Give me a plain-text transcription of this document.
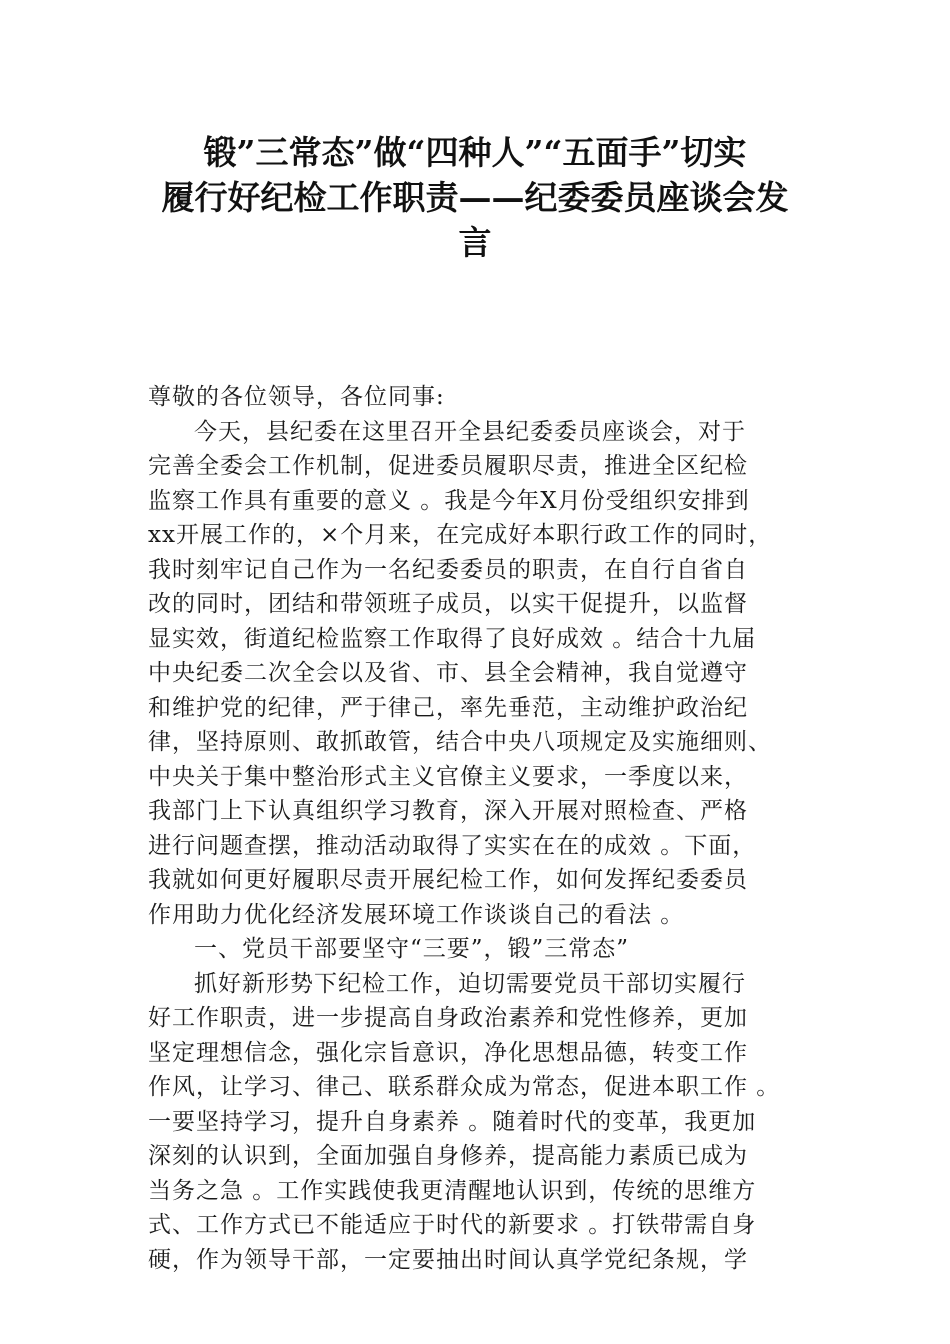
锻”三常态”做“四种人”“五面手”切实
履行好纪检工作职责——纪委委员座谈会发
言
尊敬的各位领导，各位同事:
今天，县纪委在这里召开全县纪委委员座谈会，对于
完善全委会工作机制，促进委员履职尽责，推进全区纪检
监察工作具有重要的意义 。我是今年X月份受组织安排到
xx开展工作的，×个月来，在完成好本职行政工作的同时，
我时刻牢记自己作为一名纪委委员的职责，在自行自省自
改的同时，团结和带领班子成员，以实干促提升，以监督
显实效，街道纪检监察工作取得了良好成效 。结合十九届
中央纪委二次全会以及省、市、县全会精神，我自觉遵守
和维护党的纪律，严于律己，率先垂范，主动维护政治纪
律，坚持原则、敢抓敢管，结合中央八项规定及实施细则、
中央关于集中整治形式主义官僚主义要求，一季度以来，
我部门上下认真组织学习教育，深入开展对照检查、严格
进行问题查摆，推动活动取得了实实在在的成效 。下面，
我就如何更好履职尽责开展纪检工作，如何发挥纪委委员
作用助力优化经济发展环境工作谈谈自己的看法 。
一、党员干部要坚守“三要”，锻”三常态”
抓好新形势下纪检工作，迫切需要党员干部切实履行
好工作职责，进一步提高自身政治素养和党性修养，更加
坚定理想信念，强化宗旨意识，净化思想品德，转变工作
作风，让学习、律己、联系群众成为常态，促进本职工作 。
一要坚持学习，提升自身素养 。随着时代的变革，我更加
深刻的认识到，全面加强自身修养，提高能力素质已成为
当务之急 。工作实践使我更清醒地认识到，传统的思维方
式、工作方式已不能适应于时代的新要求 。打铁带需自身
硬，作为领导干部，一定要抽出时间认真学党纪条规，学
